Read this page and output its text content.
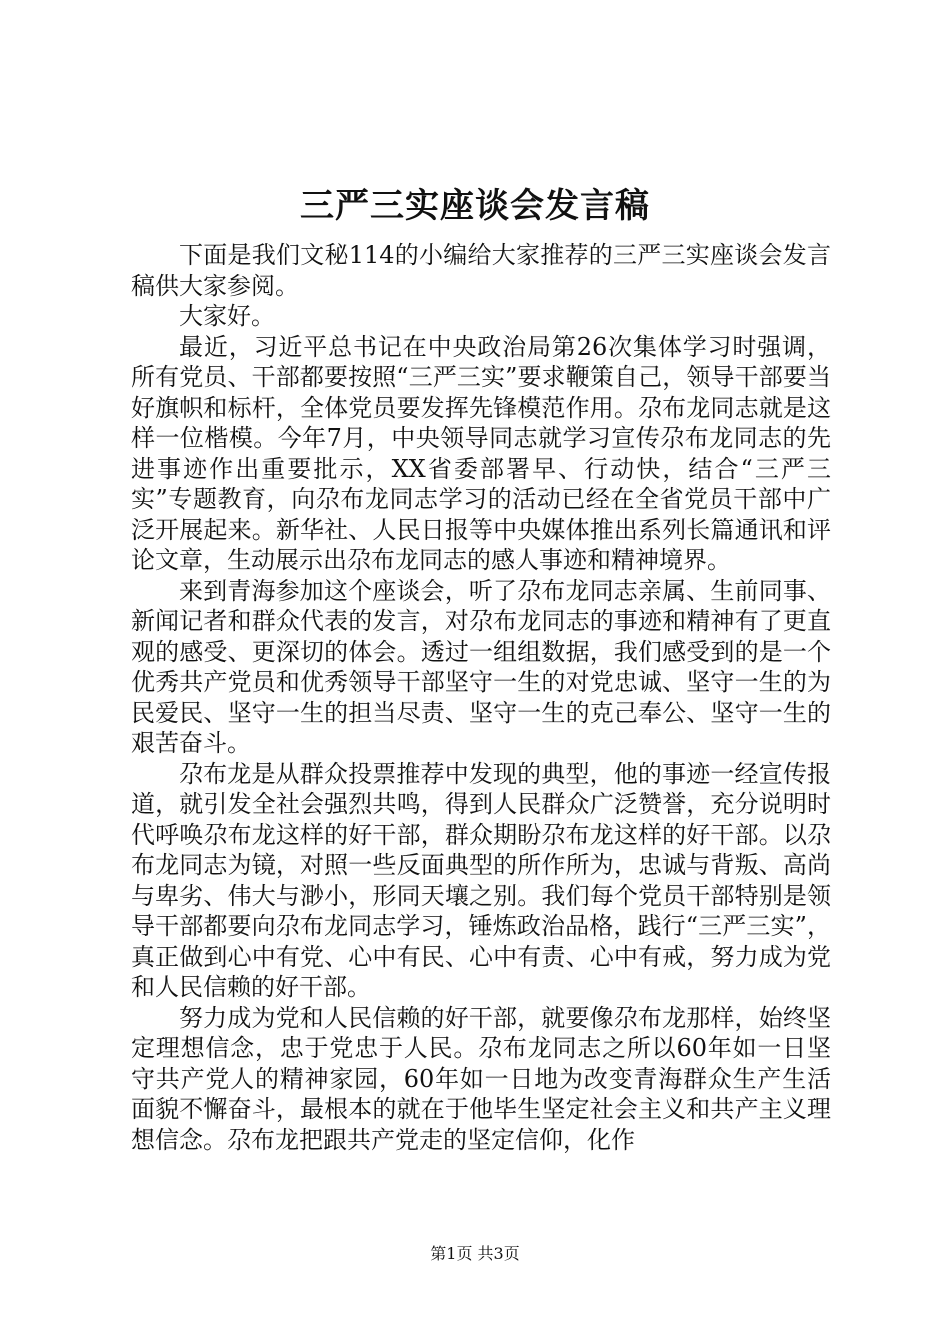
三严三实座谈会发言稿

下面是我们文秘114的小编给大家推荐的三严三实座谈会发言稿供大家参阅。

大家好。

最近，习近平总书记在中央政治局第26次集体学习时强调，所有党员、干部都要按照“三严三实”要求鞭策自己，领导干部要当好旗帜和标杆，全体党员要发挥先锋模范作用。尕布龙同志就是这样一位楷模。今年7月，中央领导同志就学习宣传尕布龙同志的先进事迹作出重要批示，XX省委部署早、行动快，结合“三严三实”专题教育，向尕布龙同志学习的活动已经在全省党员干部中广泛开展起来。新华社、人民日报等中央媒体推出系列长篇通讯和评论文章，生动展示出尕布龙同志的感人事迹和精神境界。

来到青海参加这个座谈会，听了尕布龙同志亲属、生前同事、新闻记者和群众代表的发言，对尕布龙同志的事迹和精神有了更直观的感受、更深切的体会。透过一组组数据，我们感受到的是一个优秀共产党员和优秀领导干部坚守一生的对党忠诚、坚守一生的为民爱民、坚守一生的担当尽责、坚守一生的克己奉公、坚守一生的艰苦奋斗。

尕布龙是从群众投票推荐中发现的典型，他的事迹一经宣传报道，就引发全社会强烈共鸣，得到人民群众广泛赞誉，充分说明时代呼唤尕布龙这样的好干部，群众期盼尕布龙这样的好干部。以尕布龙同志为镜，对照一些反面典型的所作所为，忠诚与背叛、高尚与卑劣、伟大与渺小，形同天壤之别。我们每个党员干部特别是领导干部都要向尕布龙同志学习，锤炼政治品格，践行“三严三实”，真正做到心中有党、心中有民、心中有责、心中有戒，努力成为党和人民信赖的好干部。

努力成为党和人民信赖的好干部，就要像尕布龙那样，始终坚定理想信念，忠于党忠于人民。尕布龙同志之所以60年如一日坚守共产党人的精神家园，60年如一日地为改变青海群众生产生活面貌不懈奋斗，最根本的就在于他毕生坚定社会主义和共产主义理想信念。尕布龙把跟共产党走的坚定信仰，化作

第1页 共3页
